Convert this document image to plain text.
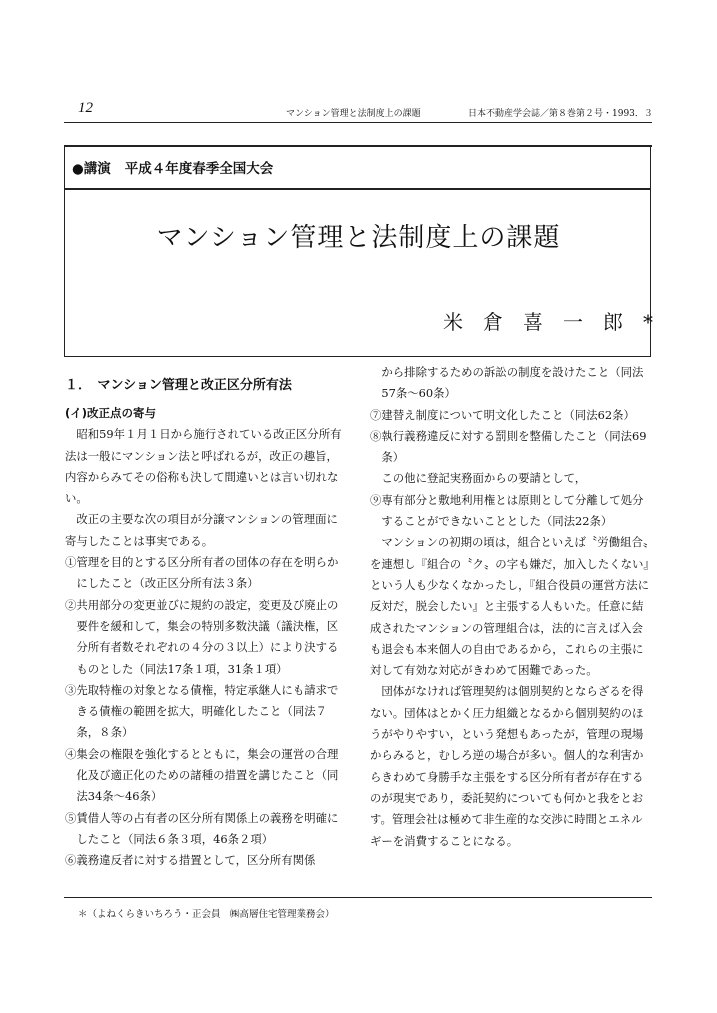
12	マンション管理と法制度上の課題	日本不動産学会誌／第８巻第２号・1993．３
●講演 平成４年度春季全国大会
マンション管理と法制度上の課題
米倉喜一郎*

１．　マンション管理と改正区分所有法

(イ)改正点の寄与

昭和59年１月１日から施行されている改正区分所有法は一般にマンション法と呼ばれるが，改正の趣旨，内容からみてその俗称も決して間違いとは言い切れない。

改正の主要な次の項目が分譲マンションの管理面に寄与したことは事実である。

①管理を目的とする区分所有者の団体の存在を明らかにしたこと（改正区分所有法３条）

②共用部分の変更並びに規約の設定，変更及び廃止の要件を緩和して，集会の特別多数決議（議決権，区分所有者数それぞれの４分の３以上）により決するものとした（同法17条１項，31条１項）

③先取特権の対象となる債権，特定承継人にも請求できる債権の範囲を拡大，明確化したこと（同法７条，８条）

④集会の権限を強化するとともに，集会の運営の合理化及び適正化のための諸種の措置を講じたこと（同法34条～46条）

⑤賃借人等の占有者の区分所有関係上の義務を明確にしたこと（同法６条３項，46条２項）

⑥義務違反者に対する措置として，区分所有関係

から排除するための訴訟の制度を設けたこと（同法57条～60条）

⑦建替え制度について明文化したこと（同法62条）

⑧執行義務違反に対する罰則を整備したこと（同法69条）

この他に登記実務面からの要請として，

⑨専有部分と敷地利用権とは原則として分離して処分することができないこととした（同法22条）

マンションの初期の頃は，組合といえば〝労働組合〟を連想し『組合の〝ク〟の字も嫌だ，加入したくない』という人も少なくなかったし，『組合役員の運営方法に反対だ，脱会したい』と主張する人もいた。任意に結成されたマンションの管理組合は，法的に言えば入会も退会も本来個人の自由であるから，これらの主張に対して有効な対応がきわめて困難であった。

団体がなければ管理契約は個別契約とならざるを得ない。団体はとかく圧力組織となるから個別契約のほうがやりやすい，という発想もあったが，管理の現場からみると，むしろ逆の場合が多い。個人的な利害からきわめて身勝手な主張をする区分所有者が存在するのが現実であり，委託契約についても何かと我をとおす。管理会社は極めて非生産的な交渉に時間とエネルギーを消費することになる。

＊（よねくらきいちろう・正会員　㈱高層住宅管理業務会）
